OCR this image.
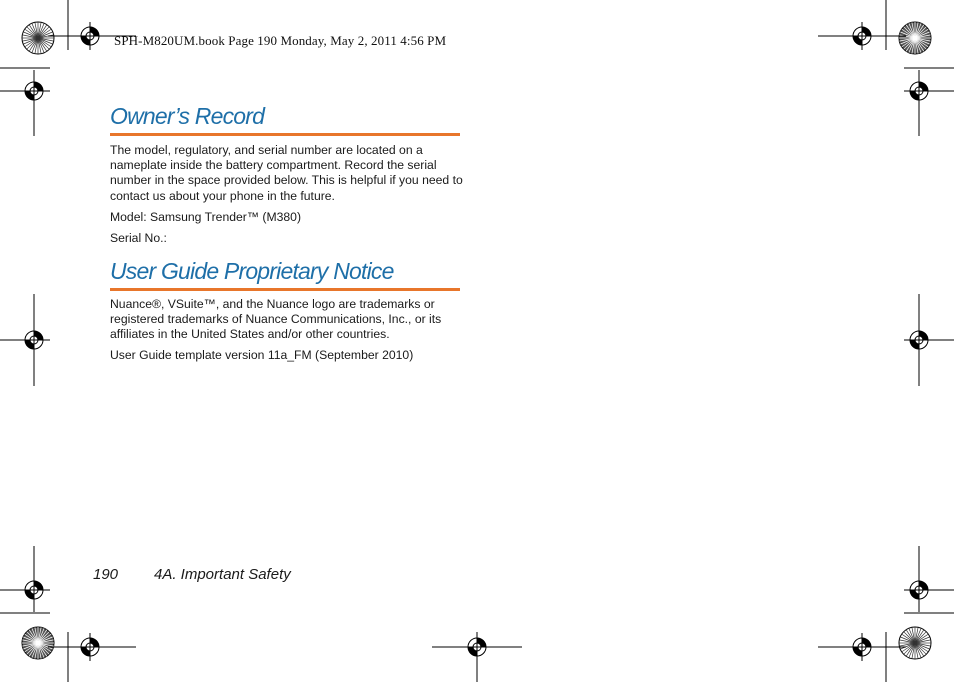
SPH-M820UM.book Page 190 Monday, May 2, 2011 4:56 PM
Owner’s Record

The model, regulatory, and serial number are located on a nameplate inside the battery compartment. Record the serial number in the space provided below. This is helpful if you need to contact us about your phone in the future.

Model: Samsung Trender™ (M380)

Serial No.:

User Guide Proprietary Notice

Nuance®, VSuite™, and the Nuance logo are trademarks or registered trademarks of Nuance Communications, Inc., or its affiliates in the United States and/or other countries.

User Guide template version 11a_FM (September 2010)

190 4A. Important Safety
